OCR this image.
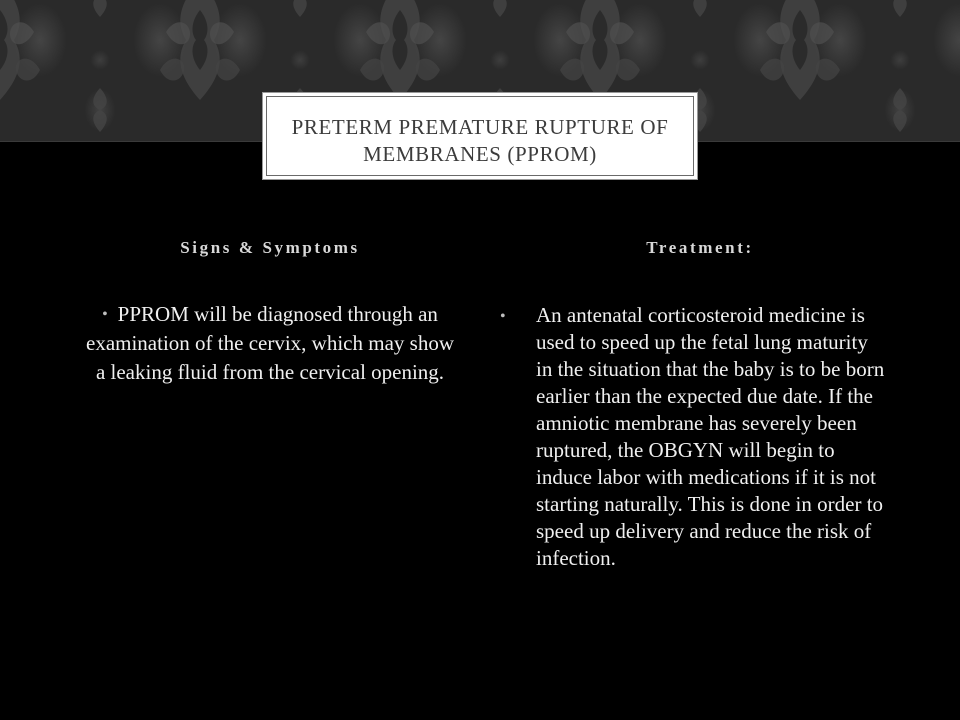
PRETERM PREMATURE RUPTURE OF MEMBRANES (PPROM)
Signs & Symptoms	Treatment:
• PPROM will be diagnosed through an examination of the cervix, which may show a leaking fluid from the cervical opening.
•	An antenatal corticosteroid medicine is used to speed up the fetal lung maturity in the situation that the baby is to be born earlier than the expected due date. If the amniotic membrane has severely been ruptured, the OBGYN will begin to induce labor with medications if it is not starting naturally. This is done in order to speed up delivery and reduce the risk of infection.
